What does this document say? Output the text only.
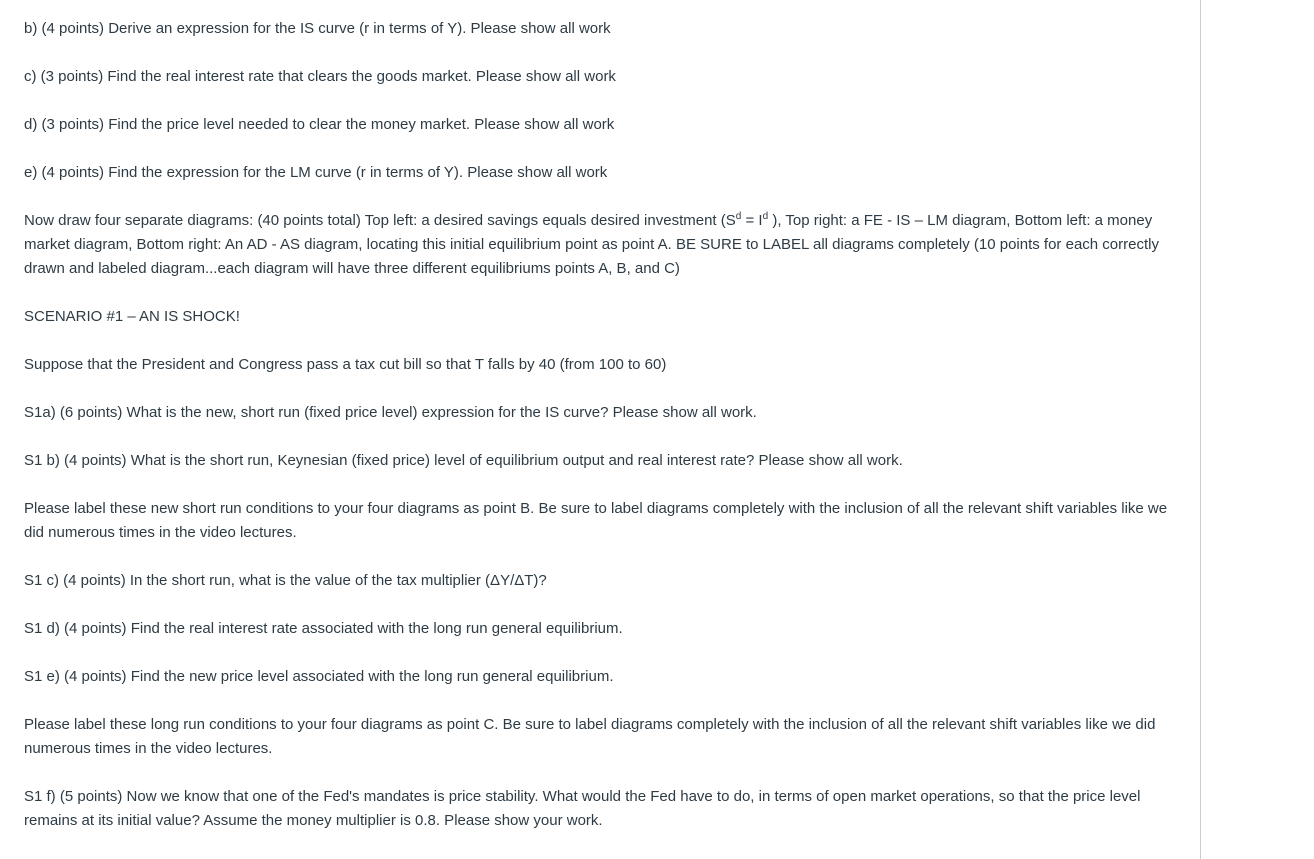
b) (4 points) Derive an expression for the IS curve (r in terms of Y). Please show all work

c) (3 points) Find the real interest rate that clears the goods market. Please show all work

d) (3 points) Find the price level needed to clear the money market. Please show all work

e) (4 points) Find the expression for the LM curve (r in terms of Y). Please show all work

Now draw four separate diagrams: (40 points total) Top left: a desired savings equals desired investment ($S^d = I^d$ ), Top right: a FE - IS – LM diagram, Bottom left: a money market diagram, Bottom right: An AD - AS diagram, locating this initial equilibrium point as point A. BE SURE to LABEL all diagrams completely (10 points for each correctly drawn and labeled diagram...each diagram will have three different equilibriums points A, B, and C)

SCENARIO #1 – AN IS SHOCK!

Suppose that the President and Congress pass a tax cut bill so that T falls by 40 (from 100 to 60)

S1a) (6 points) What is the new, short run (fixed price level) expression for the IS curve? Please show all work.

S1 b) (4 points) What is the short run, Keynesian (fixed price) level of equilibrium output and real interest rate? Please show all work.

Please label these new short run conditions to your four diagrams as point B. Be sure to label diagrams completely with the inclusion of all the relevant shift variables like we did numerous times in the video lectures.

S1 c) (4 points) In the short run, what is the value of the tax multiplier (ΔY/ΔT)?

S1 d) (4 points) Find the real interest rate associated with the long run general equilibrium.

S1 e) (4 points) Find the new price level associated with the long run general equilibrium.

Please label these long run conditions to your four diagrams as point C. Be sure to label diagrams completely with the inclusion of all the relevant shift variables like we did numerous times in the video lectures.

S1 f) (5 points) Now we know that one of the Fed's mandates is price stability. What would the Fed have to do, in terms of open market operations, so that the price level remains at its initial value? Assume the money multiplier is 0.8. Please show your work.
